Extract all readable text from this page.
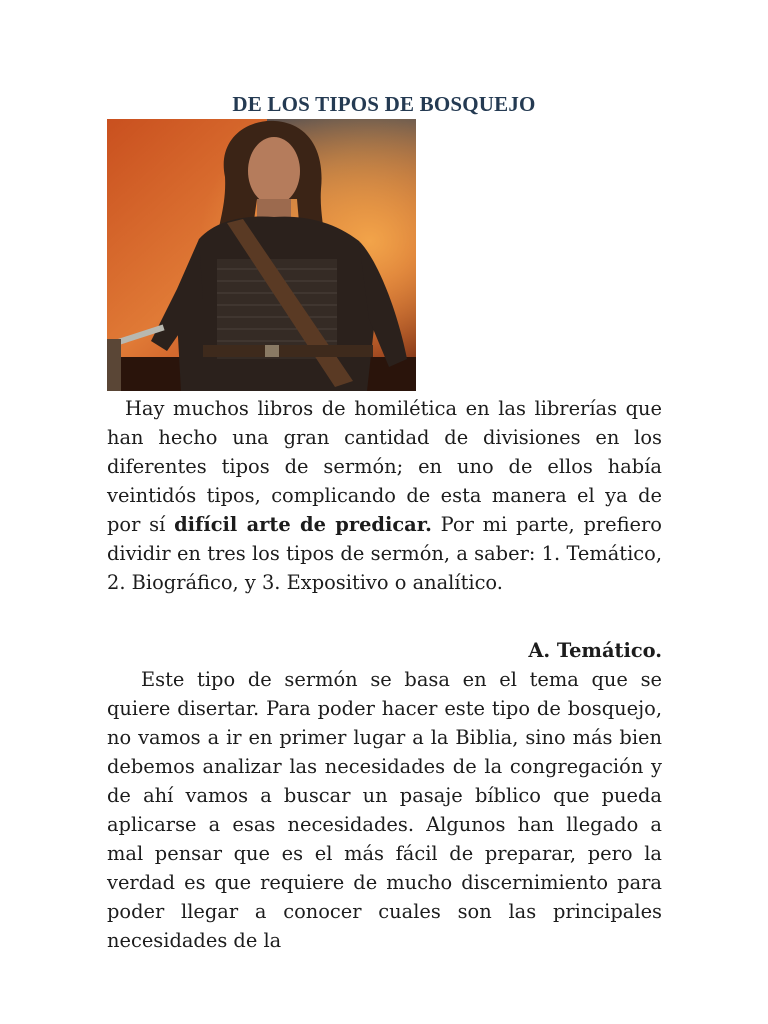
DE LOS TIPOS DE BOSQUEJO

Hay muchos libros de homilética en las librerías que han hecho una gran cantidad de divisiones en los diferentes tipos de sermón; en uno de ellos había veintidós tipos, complicando de esta manera el ya de por sí difícil arte de predicar. Por mi parte, prefiero dividir en tres los tipos de sermón, a saber: 1. Temático, 2. Biográfico, y 3. Expositivo o analítico.

A. Temático.

Este tipo de sermón se basa en el tema que se quiere disertar. Para poder hacer este tipo de bosquejo, no vamos a ir en primer lugar a la Biblia, sino más bien debemos analizar las necesidades de la congregación y de ahí vamos a buscar un pasaje bíblico que pueda aplicarse a esas necesidades. Algunos han llegado a mal pensar que es el más fácil de preparar, pero la verdad es que requiere de mucho discernimiento para poder llegar a conocer cuales son las principales necesidades de la
